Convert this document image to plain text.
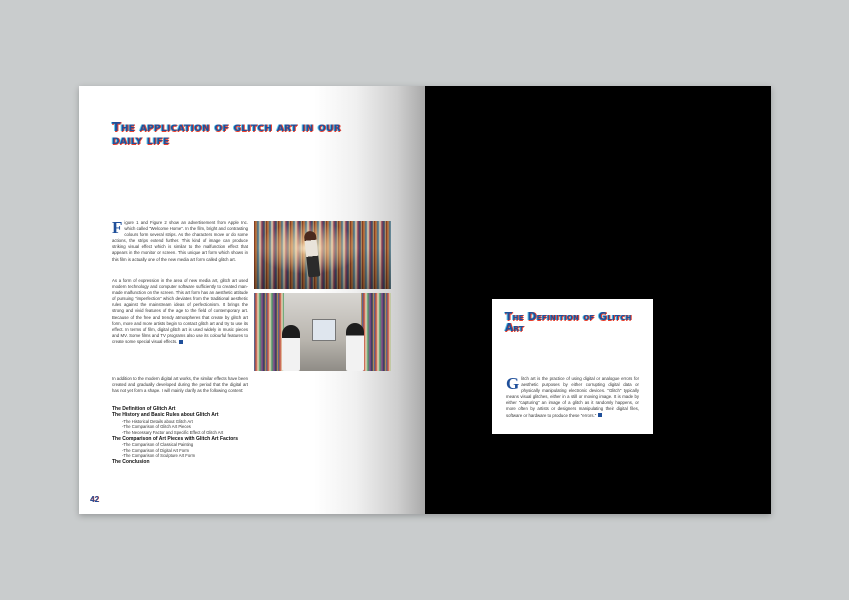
The application of glitch art in our daily life
Figure 1 and Figure 2 show an advertisement from Apple Inc. which called "Welcome Home". In the film, bright and contrasting colours form several strips. As the characters move or do some actions, the strips extend further. This kind of image can produce striking visual effect which is similar to the malfunction effect that appears in the monitor or screen. This unique art form which shows in this film is actually one of the new media art form called glitch art.
As a form of expression in the area of new media art, glitch art used modern technology and computer software sufficiently to created man-made malfunction on the screen. This art form has an aesthetic attitude of pursuing "imperfection" which deviates from the traditional aesthetic rules against the mainstream ideas of perfectionism. It brings the strong and vivid features of the age to the field of contemporary art. Because of the free and trendy atmospheres that create by glitch art form, more and more artists begin to contact glitch art and try to use its effect. In terms of film, digital glitch art is used widely in music pieces and MV. Some films and TV programs also use its colourful features to create some special visual effects.
In addition to the modern digital art works, the similar effects have been created and gradually developed during the period that the digital art has not yet form a shape. I will mainly clarify as the following content:
The Definition of Glitch Art
The History and Basic Rules about Glitch Art
-The Historical Details about Glitch Art
-The Comparison of Glitch Art Pieces
-The Necessary Factor and Specific Effect of Glitch Art
The Comparison of Art Pieces with Glitch Art Factors
-The Comparison of Classical Painting
-The Comparison of Digital Art Form
-The Comparison of Sculpture Art Form
The Conclusion
42
The Definition of Glitch Art
Glitch art is the practice of using digital or analogue errors for aesthetic purposes by either corrupting digital data or physically manipulating electronic devices. "Glitch" typically means visual glitches, either in a still or moving image. It is made by either "capturing" an image of a glitch as it randomly happens, or more often by artists or designers manipulating their digital files, software or hardware to produce these "errors."
